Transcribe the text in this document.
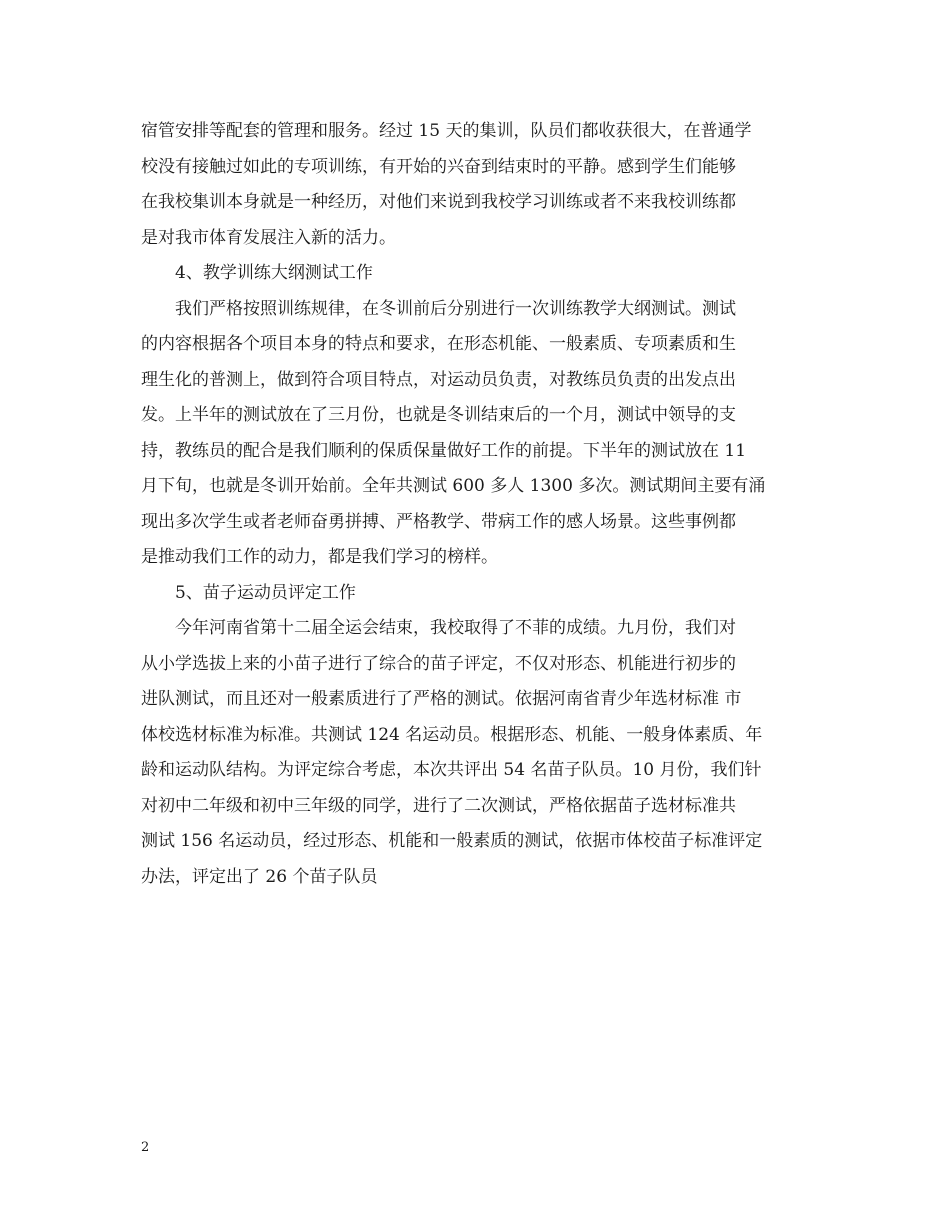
宿管安排等配套的管理和服务。经过 15 天的集训，队员们都收获很大，在普通学
校没有接触过如此的专项训练，有开始的兴奋到结束时的平静。感到学生们能够
在我校集训本身就是一种经历，对他们来说到我校学习训练或者不来我校训练都
是对我市体育发展注入新的活力。
4、教学训练大纲测试工作
我们严格按照训练规律，在冬训前后分别进行一次训练教学大纲测试。测试
的内容根据各个项目本身的特点和要求，在形态机能、一般素质、专项素质和生
理生化的普测上，做到符合项目特点，对运动员负责，对教练员负责的出发点出
发。上半年的测试放在了三月份，也就是冬训结束后的一个月，测试中领导的支
持，教练员的配合是我们顺利的保质保量做好工作的前提。下半年的测试放在 11
月下旬，也就是冬训开始前。全年共测试 600 多人 1300 多次。测试期间主要有涌
现出多次学生或者老师奋勇拼搏、严格教学、带病工作的感人场景。这些事例都
是推动我们工作的动力，都是我们学习的榜样。
5、苗子运动员评定工作
今年河南省第十二届全运会结束，我校取得了不菲的成绩。九月份，我们对
从小学选拔上来的小苗子进行了综合的苗子评定，不仅对形态、机能进行初步的
进队测试，而且还对一般素质进行了严格的测试。依据河南省青少年选材标准 市
体校选材标准为标准。共测试 124 名运动员。根据形态、机能、一般身体素质、年
龄和运动队结构。为评定综合考虑，本次共评出 54 名苗子队员。10 月份，我们针
对初中二年级和初中三年级的同学，进行了二次测试，严格依据苗子选材标准共
测试 156 名运动员，经过形态、机能和一般素质的测试，依据市体校苗子标准评定
办法，评定出了 26 个苗子队员
2
